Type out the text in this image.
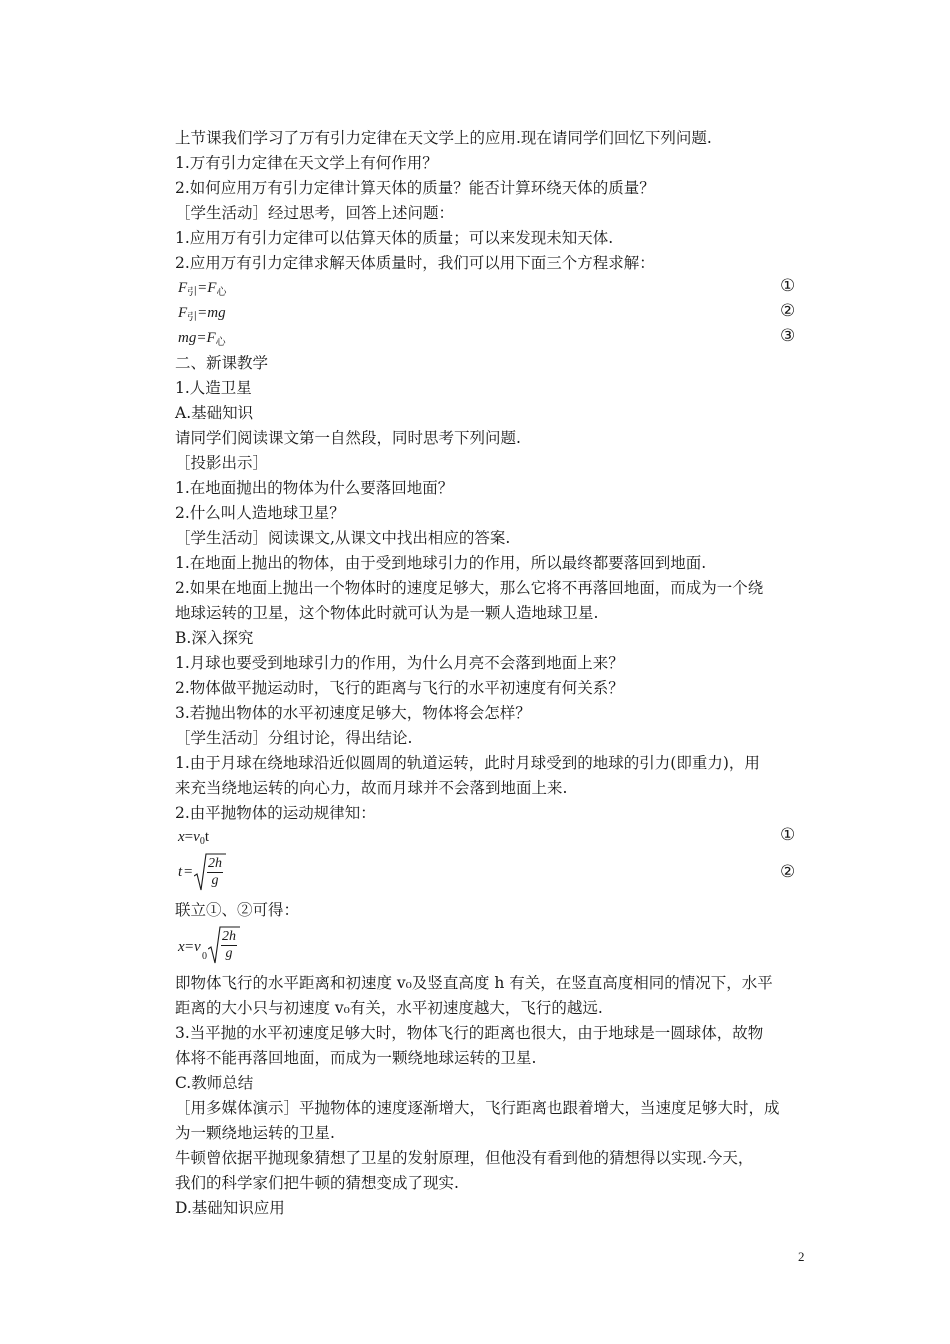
上节课我们学习了万有引力定律在天文学上的应用.现在请同学们回忆下列问题.
1.万有引力定律在天文学上有何作用？
2.如何应用万有引力定律计算天体的质量？能否计算环绕天体的质量？
［学生活动］经过思考，回答上述问题：
1.应用万有引力定律可以估算天体的质量；可以来发现未知天体.
2.应用万有引力定律求解天体质量时，我们可以用下面三个方程求解：
$F_引=F_心$	①
$F_引=mg$	②
$mg=F_心$	③
二、新课教学
1.人造卫星
A.基础知识
请同学们阅读课文第一自然段，同时思考下列问题.
［投影出示］
1.在地面抛出的物体为什么要落回地面？
2.什么叫人造地球卫星？
［学生活动］阅读课文,从课文中找出相应的答案.
1.在地面上抛出的物体，由于受到地球引力的作用，所以最终都要落回到地面.
2.如果在地面上抛出一个物体时的速度足够大，那么它将不再落回地面，而成为一个绕
地球运转的卫星，这个物体此时就可认为是一颗人造地球卫星.
B.深入探究
1.月球也要受到地球引力的作用，为什么月亮不会落到地面上来？
2.物体做平抛运动时，飞行的距离与飞行的水平初速度有何关系？
3.若抛出物体的水平初速度足够大，物体将会怎样？
［学生活动］分组讨论，得出结论.
1.由于月球在绕地球沿近似圆周的轨道运转，此时月球受到的地球的引力(即重力)，用
来充当绕地运转的向心力，故而月球并不会落到地面上来.
2.由平抛物体的运动规律知：
$x=v_0t$	①
$t = \frac{2h}{g}$	②
联立①、②可得：
x = v
$0 \frac{2h}{g}$
即物体飞行的水平距离和初速度 v₀及竖直高度 h 有关，在竖直高度相同的情况下，水平
距离的大小只与初速度 v₀有关，水平初速度越大，飞行的越远.
3.当平抛的水平初速度足够大时，物体飞行的距离也很大，由于地球是一圆球体，故物
体将不能再落回地面，而成为一颗绕地球运转的卫星.
C.教师总结
［用多媒体演示］平抛物体的速度逐渐增大，飞行距离也跟着增大，当速度足够大时，成
为一颗绕地运转的卫星.
牛顿曾依据平抛现象猜想了卫星的发射原理，但他没有看到他的猜想得以实现.今天，
我们的科学家们把牛顿的猜想变成了现实.
D.基础知识应用
2
